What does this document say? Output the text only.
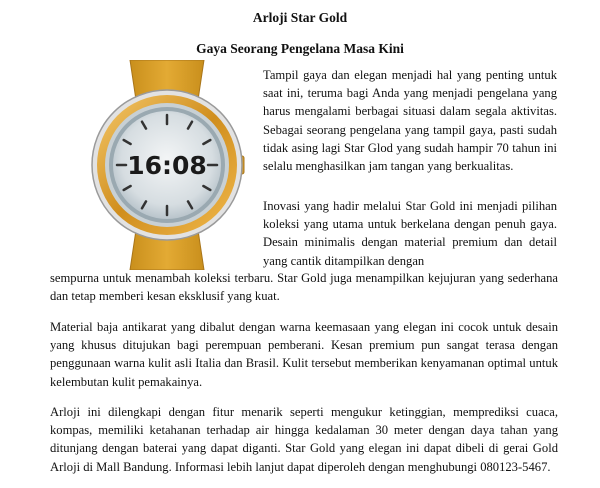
Arloji Star Gold
Gaya Seorang Pengelana Masa Kini
16:08

Tampil gaya dan elegan menjadi hal yang penting untuk saat ini, teruma bagi Anda yang menjadi pengelana yang harus mengalami berbagai situasi dalam segala aktivitas. Sebagai seorang pengelana yang tampil gaya, pasti sudah tidak asing lagi Star Glod yang sudah hampir 70 tahun ini selalu menghasilkan jam tangan yang berkualitas.

Inovasi yang hadir melalui Star Gold ini menjadi pilihan koleksi yang utama untuk berkelana dengan penuh gaya. Desain minimalis dengan material premium dan detail yang cantik ditampilkan dengan
sempurna untuk menambah koleksi terbaru. Star Gold juga menampilkan kejujuran yang sederhana dan tetap memberi kesan eksklusif yang kuat.

Material baja antikarat yang dibalut dengan warna keemasaan yang elegan ini cocok untuk desain yang khusus ditujukan bagi perempuan pemberani. Kesan premium pun sangat terasa dengan penggunaan warna kulit asli Italia dan Brasil. Kulit tersebut memberikan kenyamanan optimal untuk kelembutan kulit pemakainya.

Arloji ini dilengkapi dengan fitur menarik seperti mengukur ketinggian, memprediksi cuaca, kompas, memiliki ketahanan terhadap air hingga kedalaman 30 meter dengan daya tahan yang ditunjang dengan baterai yang dapat diganti. Star Gold yang elegan ini dapat dibeli di gerai Gold Arloji di Mall Bandung. Informasi lebih lanjut dapat diperoleh dengan menghubungi 080123-5467.
